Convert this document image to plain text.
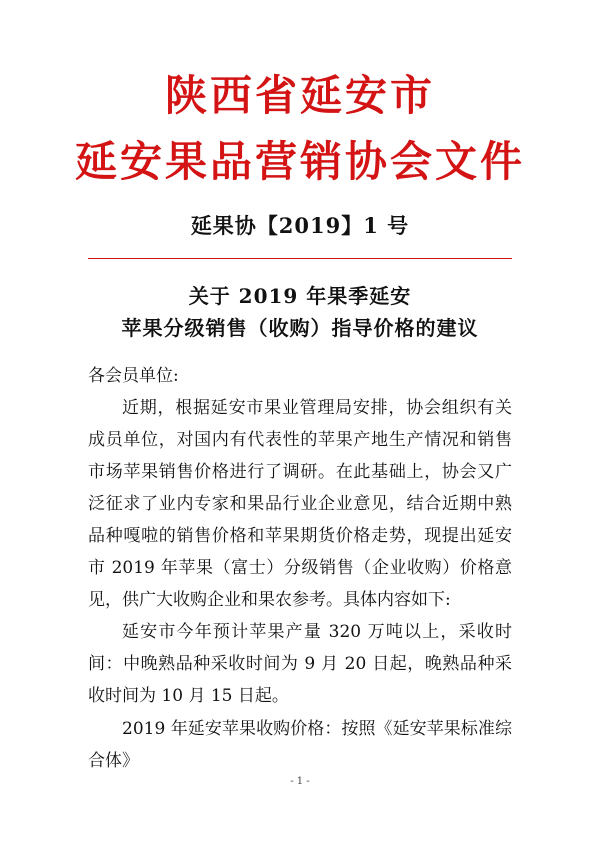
陕西省延安市
延安果品营销协会文件
延果协【2019】1 号
关于 2019 年果季延安
苹果分级销售（收购）指导价格的建议
各会员单位:
近期，根据延安市果业管理局安排，协会组织有关成员单位，对国内有代表性的苹果产地生产情况和销售市场苹果销售价格进行了调研。在此基础上，协会又广泛征求了业内专家和果品行业企业意见，结合近期中熟品种嘎啦的销售价格和苹果期货价格走势，现提出延安市 2019 年苹果（富士）分级销售（企业收购）价格意见，供广大收购企业和果农参考。具体内容如下:
延安市今年预计苹果产量 320 万吨以上，采收时间：中晚熟品种采收时间为 9 月 20 日起，晚熟品种采收时间为 10 月 15 日起。
2019 年延安苹果收购价格：按照《延安苹果标准综合体》
- 1 -
